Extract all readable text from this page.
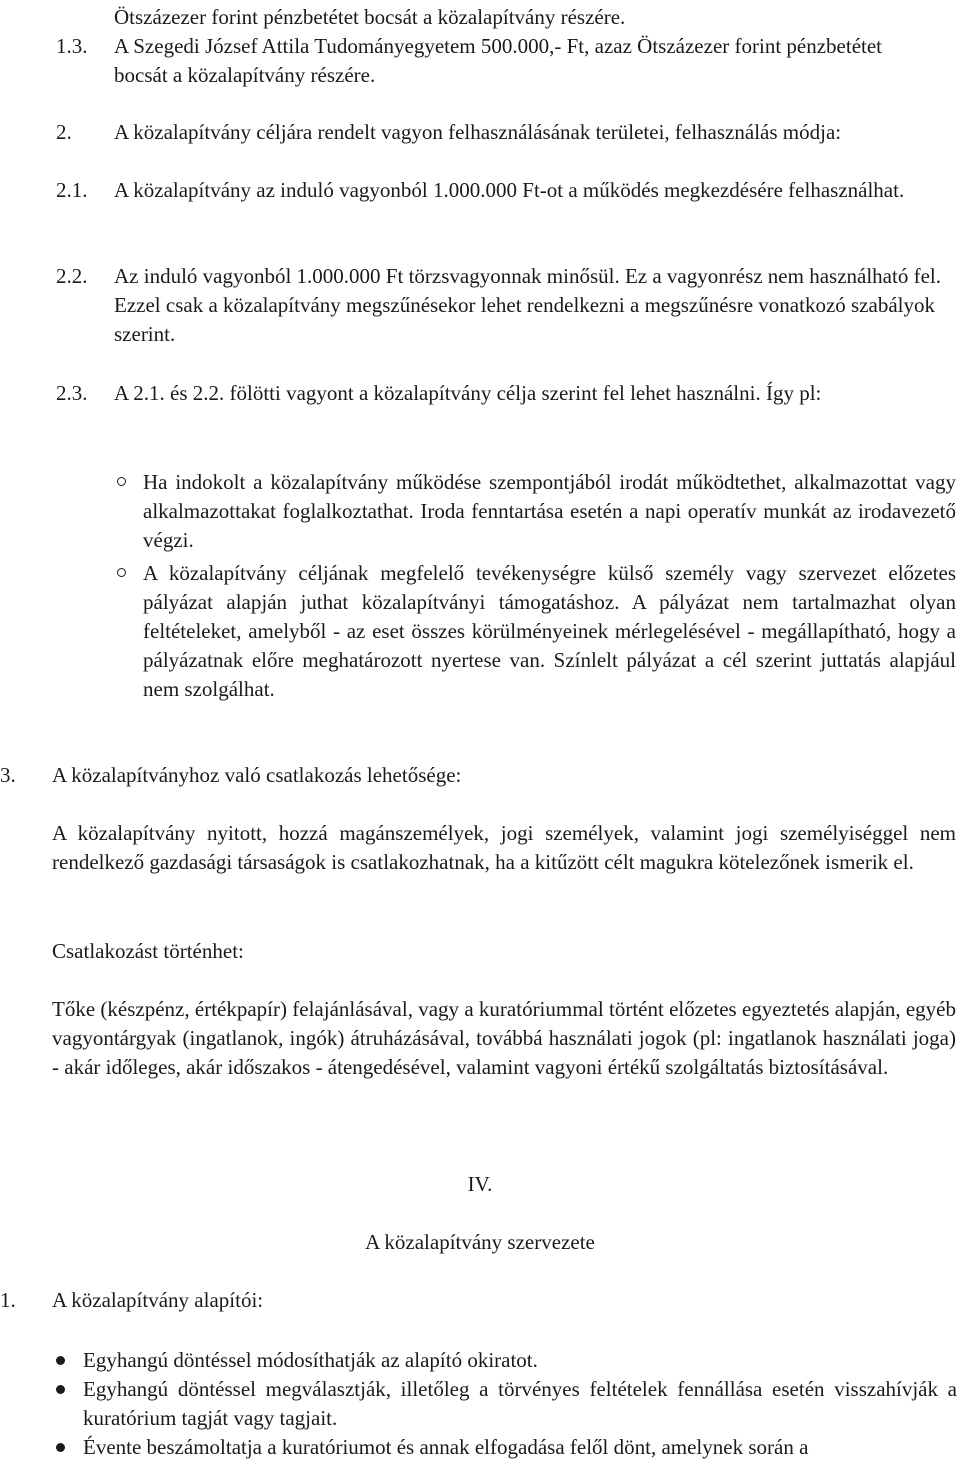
Ötszázezer forint pénzbetétet bocsát a közalapítvány részére.

1.3. A Szegedi József Attila Tudományegyetem 500.000,- Ft, azaz Ötszázezer forint pénzbetétet bocsát a közalapítvány részére.

2. A közalapítvány céljára rendelt vagyon felhasználásának területei, felhasználás módja:

2.1. A közalapítvány az induló vagyonból 1.000.000 Ft-ot a működés megkezdésére felhasználhat.

2.2. Az induló vagyonból 1.000.000 Ft törzsvagyonnak minősül. Ez a vagyonrész nem használható fel. Ezzel csak a közalapítvány megszűnésekor lehet rendelkezni a megszűnésre vonatkozó szabályok szerint.

2.3. A 2.1. és 2.2. fölötti vagyont a közalapítvány célja szerint fel lehet használni. Így pl:

Ha indokolt a közalapítvány működése szempontjából irodát működtethet, alkalmazottat vagy alkalmazottakat foglalkoztathat. Iroda fenntartása esetén a napi operatív munkát az irodavezető végzi.

A közalapítvány céljának megfelelő tevékenységre külső személy vagy szervezet előzetes pályázat alapján juthat közalapítványi támogatáshoz. A pályázat nem tartalmazhat olyan feltételeket, amelyből - az eset összes körülményeinek mérlegelésével - megállapítható, hogy a pályázatnak előre meghatározott nyertese van. Színlelt pályázat a cél szerint juttatás alapjául nem szolgálhat.

3. A közalapítványhoz való csatlakozás lehetősége:

A közalapítvány nyitott, hozzá magánszemélyek, jogi személyek, valamint jogi személyiséggel nem rendelkező gazdasági társaságok is csatlakozhatnak, ha a kitűzött célt magukra kötelezőnek ismerik el.

Csatlakozást történhet:

Tőke (készpénz, értékpapír) felajánlásával, vagy a kuratóriummal történt előzetes egyeztetés alapján, egyéb vagyontárgyak (ingatlanok, ingók) átruházásával, továbbá használati jogok (pl: ingatlanok használati joga) - akár időleges, akár időszakos - átengedésével, valamint vagyoni értékű szolgáltatás biztosításával.

IV.

A közalapítvány szervezete

1. A közalapítvány alapítói:

Egyhangú döntéssel módosíthatják az alapító okiratot.

Egyhangú döntéssel megválasztják, illetőleg a törvényes feltételek fennállása esetén visszahívják a kuratórium tagját vagy tagjait.

Évente beszámoltatja a kuratóriumot és annak elfogadása felől dönt, amelynek során a
